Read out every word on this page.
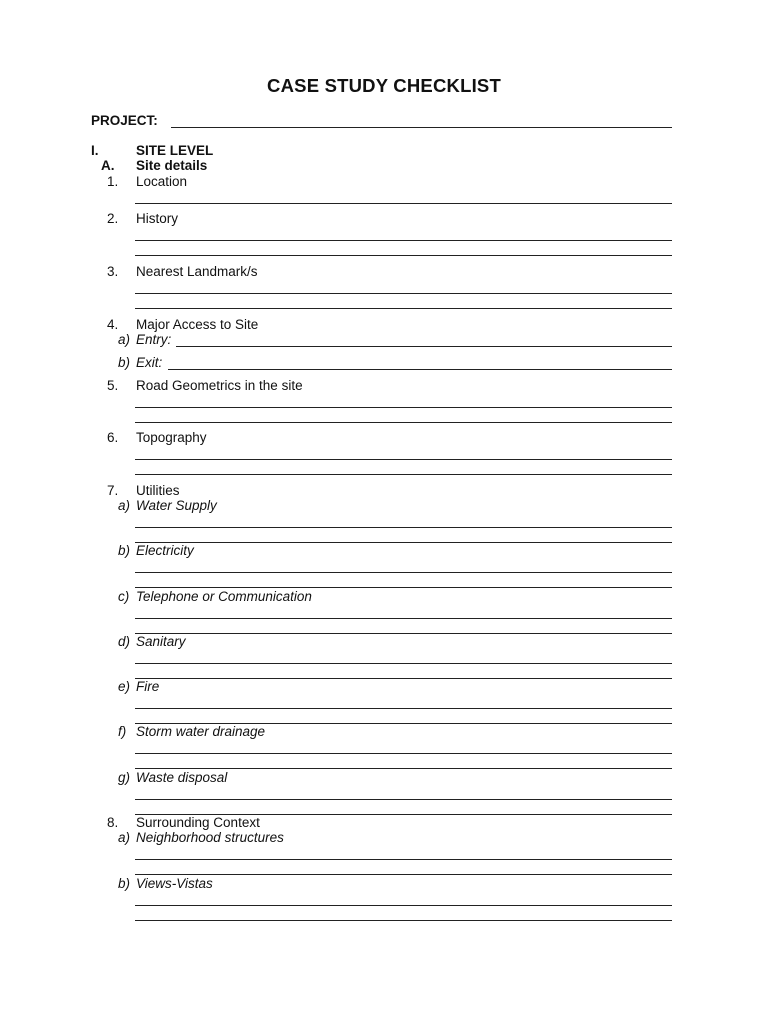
CASE STUDY CHECKLIST
PROJECT:
I.	SITE LEVEL
A. Site details
1. Location
2. History
3. Nearest Landmark/s
4. Major Access to Site
a) Entry:
b) Exit:
5. Road Geometrics in the site
6. Topography
7. Utilities
a) Water Supply
b) Electricity
c) Telephone or Communication
d) Sanitary
e) Fire
f) Storm water drainage
g) Waste disposal
8. Surrounding Context
a) Neighborhood structures
b) Views-Vistas
